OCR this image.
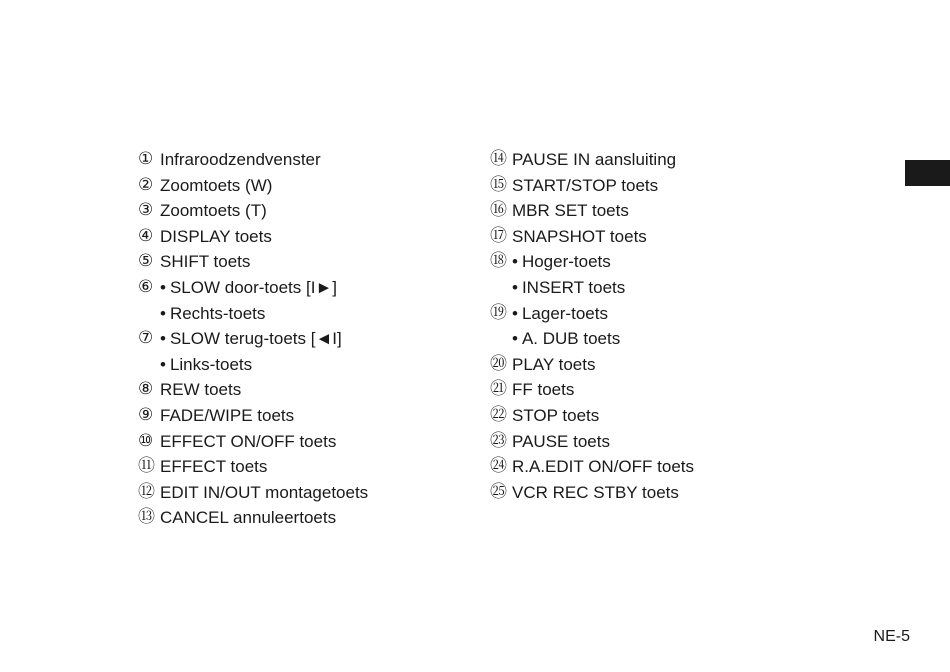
① Infraroodzendvenster
② Zoomtoets (W)
③ Zoomtoets (T)
④ DISPLAY toets
⑤ SHIFT toets
⑥ • SLOW door-toets [I►]
• Rechts-toets
⑦ • SLOW terug-toets [◄I]
• Links-toets
⑧ REW toets
⑨ FADE/WIPE toets
⑩ EFFECT ON/OFF toets
⑪ EFFECT toets
⑫ EDIT IN/OUT montagetoets
⑬ CANCEL annuleertoets
⑭ PAUSE IN aansluiting
⑮ START/STOP toets
⑯ MBR SET toets
⑰ SNAPSHOT toets
⑱ • Hoger-toets
• INSERT toets
⑲ • Lager-toets
• A. DUB toets
⑳ PLAY toets
㉑ FF toets
㉒ STOP toets
㉓ PAUSE toets
㉔ R.A.EDIT ON/OFF toets
㉕ VCR REC STBY toets
NE-5
